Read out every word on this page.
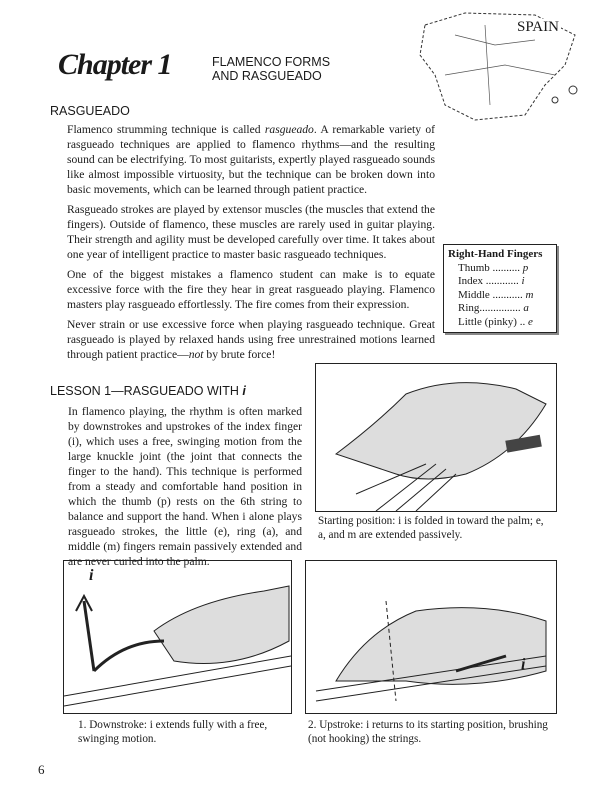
Chapter 1	FLAMENCO FORMS
AND RASGUEADO
SPAIN
RASGUEADO

Flamenco strumming technique is called rasgueado. A remarkable variety of rasgueado techniques are applied to flamenco rhythms—and the resulting sound can be electrifying. To most guitarists, expertly played rasgueado sounds like almost impossible virtuosity, but the technique can be broken down into basic movements, which can be learned through patient practice.

Rasgueado strokes are played by extensor muscles (the muscles that extend the fingers). Outside of flamenco, these muscles are rarely used in guitar playing. Their strength and agility must be developed carefully over time. It takes about one year of intelligent practice to master basic rasgueado techniques.

One of the biggest mistakes a flamenco student can make is to equate excessive force with the fire they hear in great rasgueado playing. Flamenco masters play rasgueado effortlessly. The fire comes from their expression.

Never strain or use excessive force when playing rasgueado technique. Great rasgueado is played by relaxed hands using free unrestrained motions learned through patient practice—not by brute force!

Right-Hand Fingers
Thumb .......... p
Index ............ i
Middle ........... m
Ring............... a
Little (pinky) .. e
LESSON 1—RASGUEADO WITH i

In flamenco playing, the rhythm is often marked by downstrokes and upstrokes of the index finger (i), which uses a free, swinging motion from the large knuckle joint (the joint that connects the finger to the hand). This technique is performed from a steady and comfortable hand position in which the thumb (p) rests on the 6th string to balance and support the hand. When i alone plays rasgueado strokes, the little (e), ring (a), and middle (m) fingers remain passively extended and are never curled into the palm.

Starting position: i is folded in toward the palm; e, a, and m are extended passively.
i
i
1. Downstroke: i extends fully with a free, swinging motion.
2. Upstroke: i returns to its starting position, brushing (not hooking) the strings.
6
